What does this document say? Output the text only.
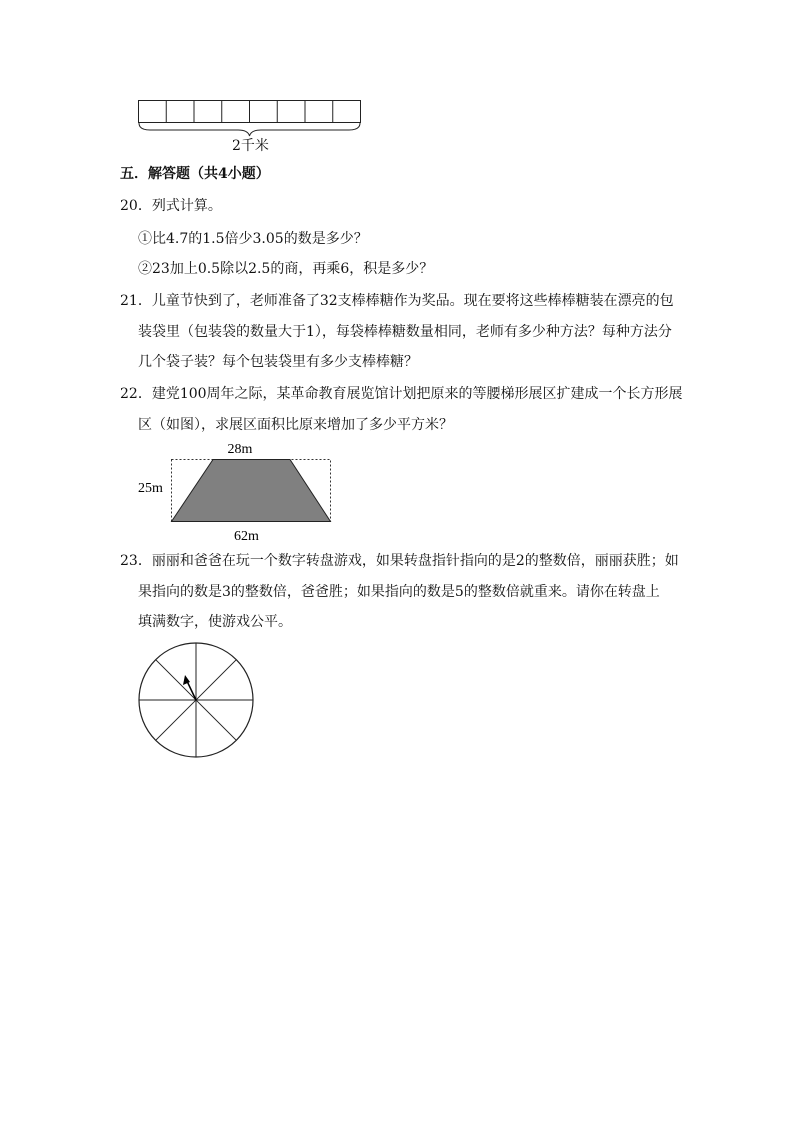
2千米
五．解答题（共4小题）
20．列式计算。
①比4.7的1.5倍少3.05的数是多少？
②23加上0.5除以2.5的商，再乘6，积是多少？
21．儿童节快到了，老师准备了32支棒棒糖作为奖品。现在要将这些棒棒糖装在漂亮的包
装袋里（包装袋的数量大于1），每袋棒棒糖数量相同，老师有多少种方法？每种方法分
几个袋子装？每个包装袋里有多少支棒棒糖？
22．建党100周年之际，某革命教育展览馆计划把原来的等腰梯形展区扩建成一个长方形展
区（如图），求展区面积比原来增加了多少平方米？
28m
25m
62m
23．丽丽和爸爸在玩一个数字转盘游戏，如果转盘指针指向的是2的整数倍，丽丽获胜；如
果指向的数是3的整数倍，爸爸胜；如果指向的数是5的整数倍就重来。请你在转盘上
填满数字，使游戏公平。
